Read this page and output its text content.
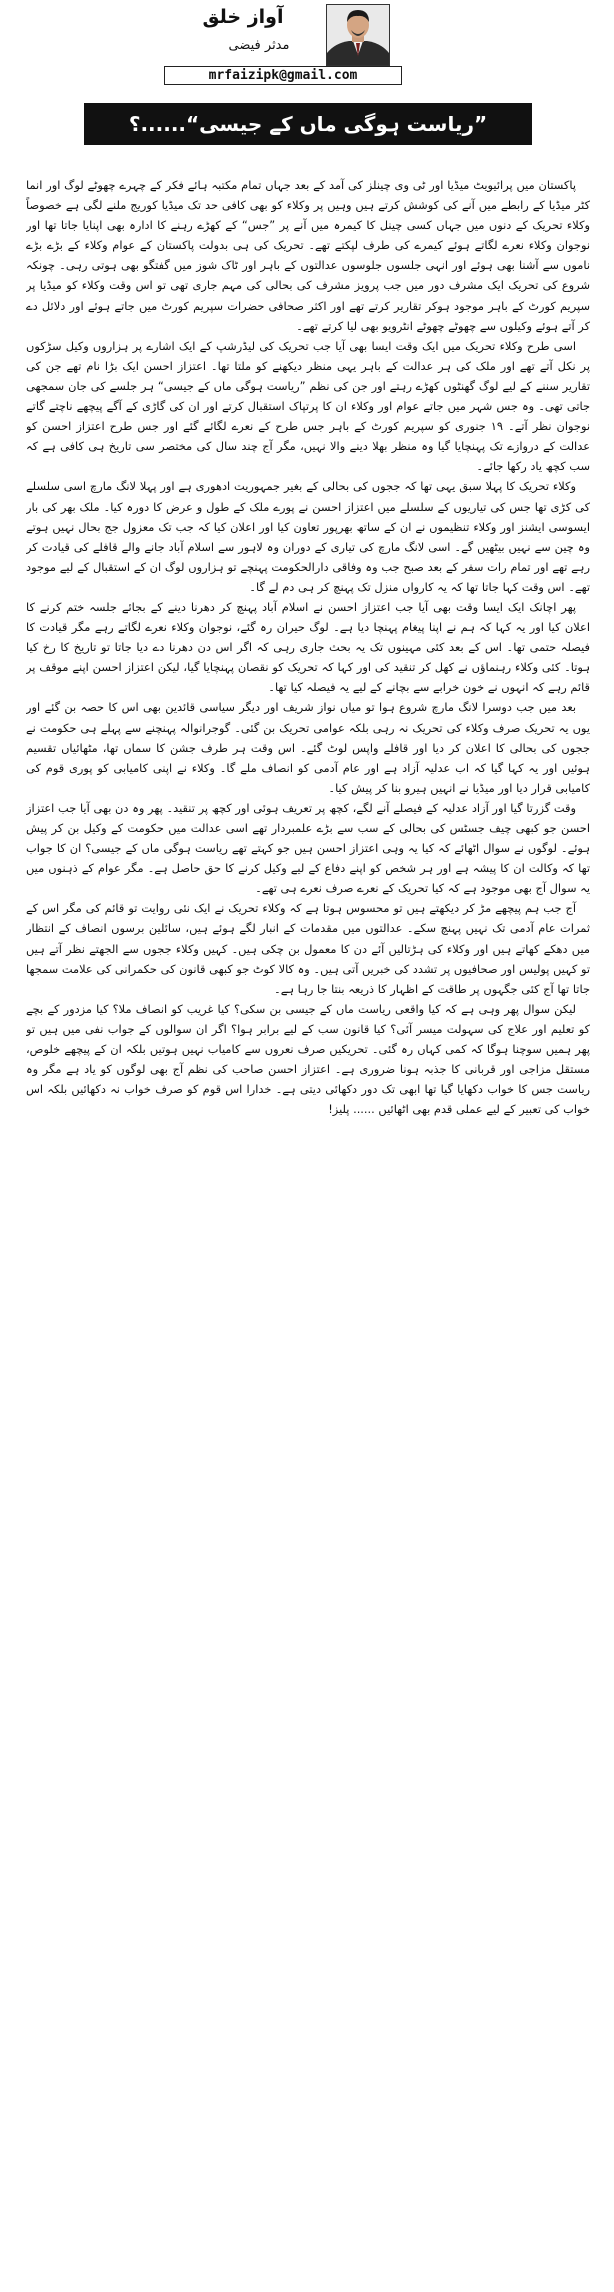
آواز خلق
مدثر فیضی
mrfaizipk@gmail.com
”ریاست ہوگی ماں کے جیسی“......؟

پاکستان میں پرائیویٹ میڈیا اور ٹی وی چینلز کی آمد کے بعد جہاں تمام مکتبہ ہائے فکر کے چہرے چھوٹے لوگ اور انما کٹر میڈیا کے رابطے میں آنے کی کوشش کرتے ہیں وہیں پر وکلاء کو بھی کافی حد تک میڈیا کوریج ملنے لگی ہے خصوصاً وکلاء تحریک کے دنوں میں جہاں کسی چینل کا کیمرہ میں آنے پر ”جس“ کے کھڑے رہنے کا ادارہ بھی اپنایا جاتا تھا اور نوجوان وکلاء نعرے لگاتے ہوئے کیمرے کی طرف لپکتے تھے۔ تحریک کی ہی بدولت پاکستان کے عوام وکلاء کے بڑے بڑے ناموں سے آشنا بھی ہوئے اور انہی جلسوں جلوسوں عدالتوں کے باہر اور ٹاک شوز میں گفتگو بھی ہوتی رہی۔ چونکہ شروع کی تحریک ایک مشرف دور میں جب پرویز مشرف کی بحالی کی مہم جاری تھی تو اس وقت وکلاء کو میڈیا پر سپریم کورٹ کے باہر موجود ہوکر تقاریر کرتے تھے اور اکثر صحافی حضرات سپریم کورٹ میں جاتے ہوئے اور دلائل دے کر آتے ہوئے وکیلوں سے چھوٹے چھوٹے انٹرویو بھی لیا کرتے تھے۔

اسی طرح وکلاء تحریک میں ایک وقت ایسا بھی آیا جب تحریک کی لیڈرشپ کے ایک اشارے پر ہزاروں وکیل سڑکوں پر نکل آتے تھے اور ملک کی ہر عدالت کے باہر یہی منظر دیکھنے کو ملتا تھا۔ اعتزاز احسن ایک بڑا نام تھے جن کی تقاریر سننے کے لیے لوگ گھنٹوں کھڑے رہتے اور جن کی نظم ”ریاست ہوگی ماں کے جیسی“ ہر جلسے کی جان سمجھی جاتی تھی۔ وہ جس شہر میں جاتے عوام اور وکلاء ان کا پرتپاک استقبال کرتے اور ان کی گاڑی کے آگے پیچھے ناچتے گاتے نوجوان نظر آتے۔ ۱۹ جنوری کو سپریم کورٹ کے باہر جس طرح کے نعرے لگائے گئے اور جس طرح اعتزاز احسن کو عدالت کے دروازے تک پہنچایا گیا وہ منظر بھلا دینے والا نہیں، مگر آج چند سال کی مختصر سی تاریخ ہی کافی ہے کہ سب کچھ یاد رکھا جائے۔

وکلاء تحریک کا پہلا سبق یہی تھا کہ ججوں کی بحالی کے بغیر جمہوریت ادھوری ہے اور پہلا لانگ مارچ اسی سلسلے کی کڑی تھا جس کی تیاریوں کے سلسلے میں اعتزاز احسن نے پورے ملک کے طول و عرض کا دورہ کیا۔ ملک بھر کی بار ایسوسی ایشنز اور وکلاء تنظیموں نے ان کے ساتھ بھرپور تعاون کیا اور اعلان کیا کہ جب تک معزول جج بحال نہیں ہوتے وہ چین سے نہیں بیٹھیں گے۔ اسی لانگ مارچ کی تیاری کے دوران وہ لاہور سے اسلام آباد جانے والے قافلے کی قیادت کر رہے تھے اور تمام رات سفر کے بعد صبح جب وہ وفاقی دارالحکومت پہنچے تو ہزاروں لوگ ان کے استقبال کے لیے موجود تھے۔ اس وقت کہا جاتا تھا کہ یہ کارواں منزل تک پہنچ کر ہی دم لے گا۔

پھر اچانک ایک ایسا وقت بھی آیا جب اعتزاز احسن نے اسلام آباد پہنچ کر دھرنا دینے کے بجائے جلسہ ختم کرنے کا اعلان کیا اور یہ کہا کہ ہم نے اپنا پیغام پہنچا دیا ہے۔ لوگ حیران رہ گئے، نوجوان وکلاء نعرے لگاتے رہے مگر قیادت کا فیصلہ حتمی تھا۔ اس کے بعد کئی مہینوں تک یہ بحث جاری رہی کہ اگر اس دن دھرنا دے دیا جاتا تو تاریخ کا رخ کیا ہوتا۔ کئی وکلاء رہنماؤں نے کھل کر تنقید کی اور کہا کہ تحریک کو نقصان پہنچایا گیا، لیکن اعتزاز احسن اپنے موقف پر قائم رہے کہ انہوں نے خون خرابے سے بچانے کے لیے یہ فیصلہ کیا تھا۔

بعد میں جب دوسرا لانگ مارچ شروع ہوا تو میاں نواز شریف اور دیگر سیاسی قائدین بھی اس کا حصہ بن گئے اور یوں یہ تحریک صرف وکلاء کی تحریک نہ رہی بلکہ عوامی تحریک بن گئی۔ گوجرانوالہ پہنچنے سے پہلے ہی حکومت نے ججوں کی بحالی کا اعلان کر دیا اور قافلے واپس لوٹ گئے۔ اس وقت ہر طرف جشن کا سماں تھا، مٹھائیاں تقسیم ہوئیں اور یہ کہا گیا کہ اب عدلیہ آزاد ہے اور عام آدمی کو انصاف ملے گا۔ وکلاء نے اپنی کامیابی کو پوری قوم کی کامیابی قرار دیا اور میڈیا نے انہیں ہیرو بنا کر پیش کیا۔

وقت گزرتا گیا اور آزاد عدلیہ کے فیصلے آنے لگے، کچھ پر تعریف ہوئی اور کچھ پر تنقید۔ پھر وہ دن بھی آیا جب اعتزاز احسن جو کبھی چیف جسٹس کی بحالی کے سب سے بڑے علمبردار تھے اسی عدالت میں حکومت کے وکیل بن کر پیش ہوئے۔ لوگوں نے سوال اٹھائے کہ کیا یہ وہی اعتزاز احسن ہیں جو کہتے تھے ریاست ہوگی ماں کے جیسی؟ ان کا جواب تھا کہ وکالت ان کا پیشہ ہے اور ہر شخص کو اپنے دفاع کے لیے وکیل کرنے کا حق حاصل ہے۔ مگر عوام کے ذہنوں میں یہ سوال آج بھی موجود ہے کہ کیا تحریک کے نعرے صرف نعرے ہی تھے۔

آج جب ہم پیچھے مڑ کر دیکھتے ہیں تو محسوس ہوتا ہے کہ وکلاء تحریک نے ایک نئی روایت تو قائم کی مگر اس کے ثمرات عام آدمی تک نہیں پہنچ سکے۔ عدالتوں میں مقدمات کے انبار لگے ہوئے ہیں، سائلین برسوں انصاف کے انتظار میں دھکے کھاتے ہیں اور وکلاء کی ہڑتالیں آئے دن کا معمول بن چکی ہیں۔ کہیں وکلاء ججوں سے الجھتے نظر آتے ہیں تو کہیں پولیس اور صحافیوں پر تشدد کی خبریں آتی ہیں۔ وہ کالا کوٹ جو کبھی قانون کی حکمرانی کی علامت سمجھا جاتا تھا آج کئی جگہوں پر طاقت کے اظہار کا ذریعہ بنتا جا رہا ہے۔

لیکن سوال پھر وہی ہے کہ کیا واقعی ریاست ماں کے جیسی بن سکی؟ کیا غریب کو انصاف ملا؟ کیا مزدور کے بچے کو تعلیم اور علاج کی سہولت میسر آئی؟ کیا قانون سب کے لیے برابر ہوا؟ اگر ان سوالوں کے جواب نفی میں ہیں تو پھر ہمیں سوچنا ہوگا کہ کمی کہاں رہ گئی۔ تحریکیں صرف نعروں سے کامیاب نہیں ہوتیں بلکہ ان کے پیچھے خلوص، مستقل مزاجی اور قربانی کا جذبہ ہونا ضروری ہے۔ اعتزاز احسن صاحب کی نظم آج بھی لوگوں کو یاد ہے مگر وہ ریاست جس کا خواب دکھایا گیا تھا ابھی تک دور دکھائی دیتی ہے۔ خدارا اس قوم کو صرف خواب نہ دکھائیں بلکہ اس خواب کی تعبیر کے لیے عملی قدم بھی اٹھائیں ...... پلیز!
